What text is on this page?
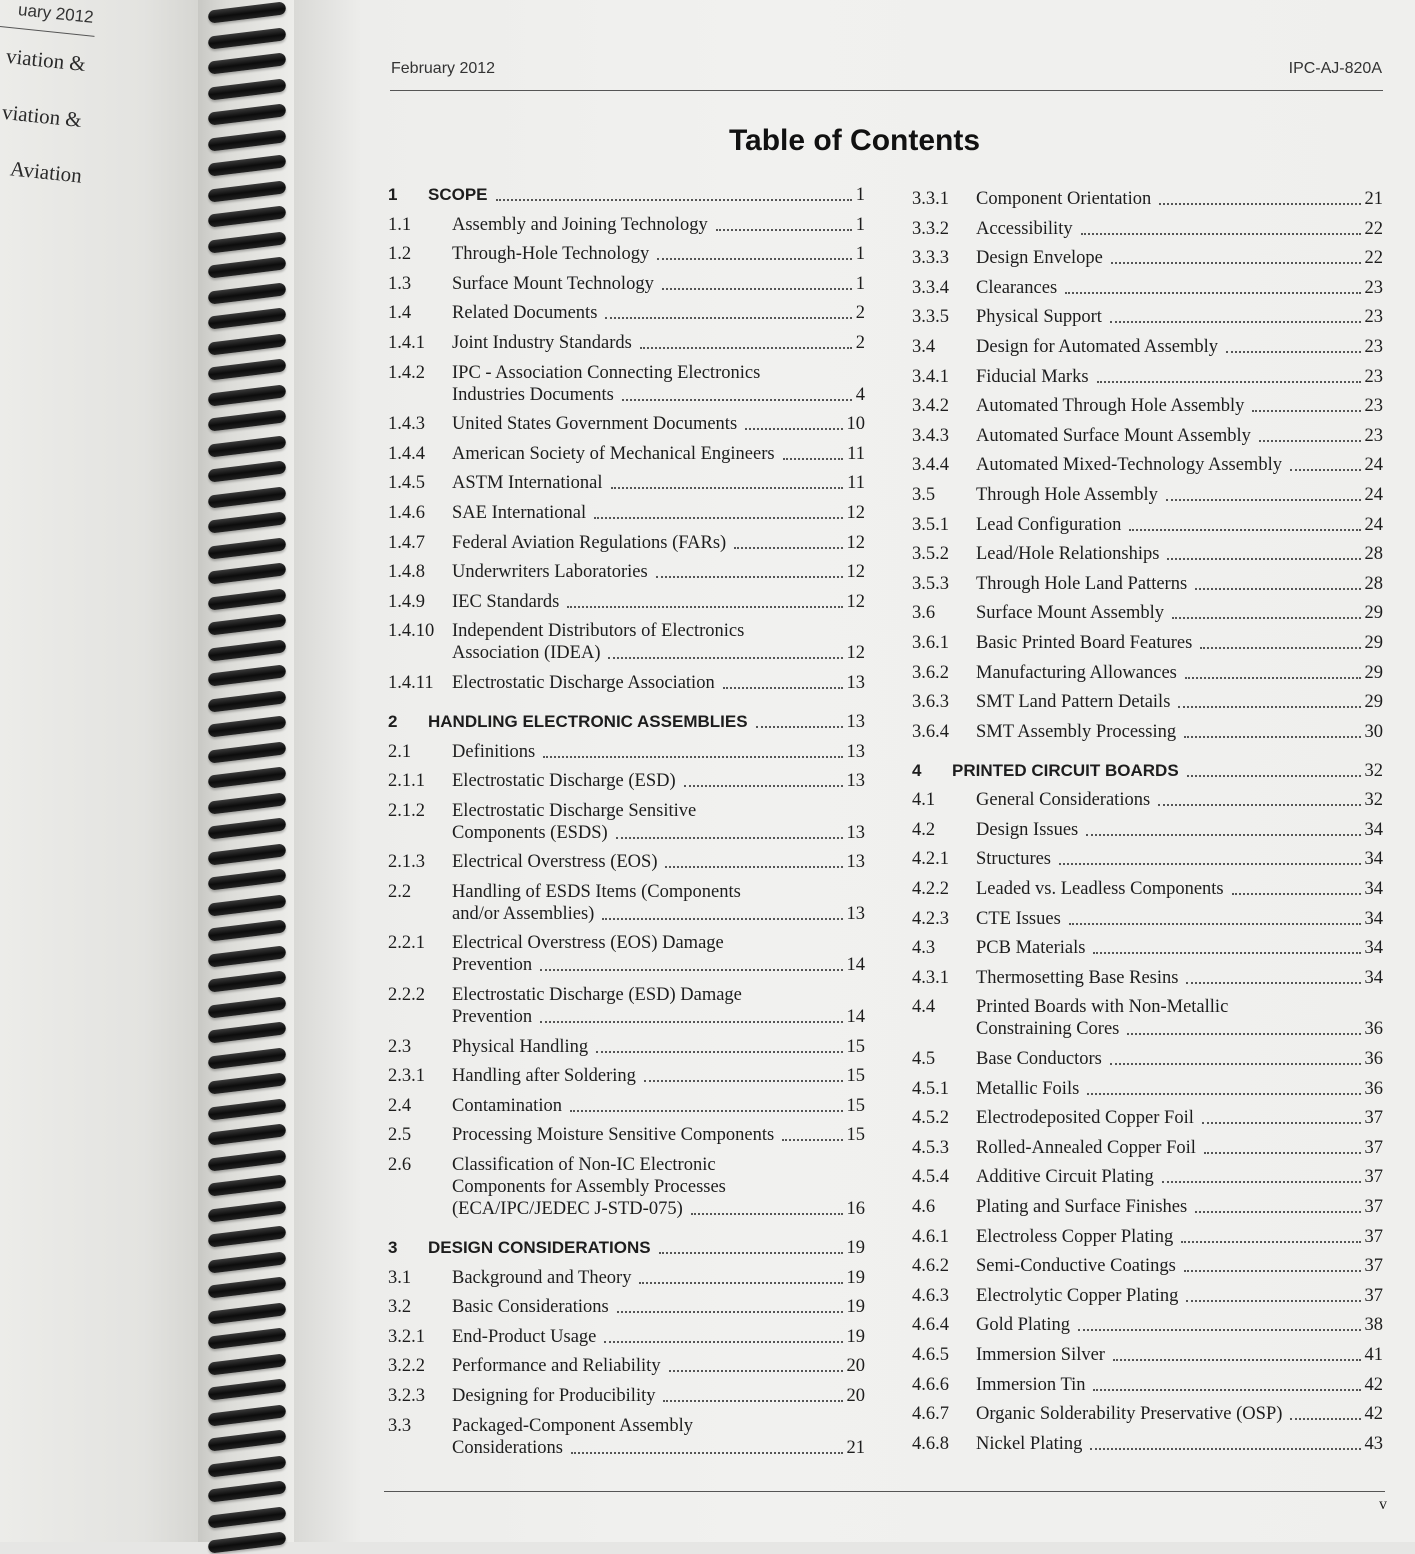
uary 2012
viation &
viation &
Aviation
February 2012	IPC-AJ-820A
Table of Contents
1	SCOPE	1
1.1	Assembly and Joining Technology	1
1.2	Through-Hole Technology	1
1.3	Surface Mount Technology	1
1.4	Related Documents	2
1.4.1	Joint Industry Standards	2
1.4.2	IPC - Association Connecting Electronics
Industries Documents	4
1.4.3	United States Government Documents	10
1.4.4	American Society of Mechanical Engineers	11
1.4.5	ASTM International	11
1.4.6	SAE International	12
1.4.7	Federal Aviation Regulations (FARs)	12
1.4.8	Underwriters Laboratories	12
1.4.9	IEC Standards	12
1.4.10 Independent Distributors of Electronics
Association (IDEA)	12
1.4.11 Electrostatic Discharge Association	13
2	HANDLING ELECTRONIC ASSEMBLIES	13
2.1	Definitions	13
2.1.1	Electrostatic Discharge (ESD)	13
2.1.2	Electrostatic Discharge Sensitive
Components (ESDS)	13
2.1.3	Electrical Overstress (EOS)	13
2.2	Handling of ESDS Items (Components
and/or Assemblies)	13
2.2.1	Electrical Overstress (EOS) Damage
Prevention	14
2.2.2	Electrostatic Discharge (ESD) Damage
Prevention	14
2.3	Physical Handling	15
2.3.1	Handling after Soldering	15
2.4	Contamination	15
2.5	Processing Moisture Sensitive Components	15
2.6	Classification of Non-IC Electronic
Components for Assembly Processes
(ECA/IPC/JEDEC J-STD-075)	16
3	DESIGN CONSIDERATIONS	19
3.1	Background and Theory	19
3.2	Basic Considerations	19
3.2.1	End-Product Usage	19
3.2.2	Performance and Reliability	20
3.2.3	Designing for Producibility	20
3.3	Packaged-Component Assembly
Considerations	21
3.3.1	Component Orientation	21
3.3.2	Accessibility	22
3.3.3	Design Envelope	22
3.3.4	Clearances	23
3.3.5	Physical Support	23
3.4	Design for Automated Assembly	23
3.4.1	Fiducial Marks	23
3.4.2	Automated Through Hole Assembly	23
3.4.3	Automated Surface Mount Assembly	23
3.4.4	Automated Mixed-Technology Assembly	24
3.5	Through Hole Assembly	24
3.5.1	Lead Configuration	24
3.5.2	Lead/Hole Relationships	28
3.5.3	Through Hole Land Patterns	28
3.6	Surface Mount Assembly	29
3.6.1	Basic Printed Board Features	29
3.6.2	Manufacturing Allowances	29
3.6.3	SMT Land Pattern Details	29
3.6.4	SMT Assembly Processing	30
4	PRINTED CIRCUIT BOARDS	32
4.1	General Considerations	32
4.2	Design Issues	34
4.2.1	Structures	34
4.2.2	Leaded vs. Leadless Components	34
4.2.3	CTE Issues	34
4.3	PCB Materials	34
4.3.1	Thermosetting Base Resins	34
4.4	Printed Boards with Non-Metallic
Constraining Cores	36
4.5	Base Conductors	36
4.5.1	Metallic Foils	36
4.5.2	Electrodeposited Copper Foil	37
4.5.3	Rolled-Annealed Copper Foil	37
4.5.4	Additive Circuit Plating	37
4.6	Plating and Surface Finishes	37
4.6.1	Electroless Copper Plating	37
4.6.2	Semi-Conductive Coatings	37
4.6.3	Electrolytic Copper Plating	37
4.6.4	Gold Plating	38
4.6.5	Immersion Silver	41
4.6.6	Immersion Tin	42
4.6.7	Organic Solderability Preservative (OSP)	42
4.6.8	Nickel Plating	43
v
